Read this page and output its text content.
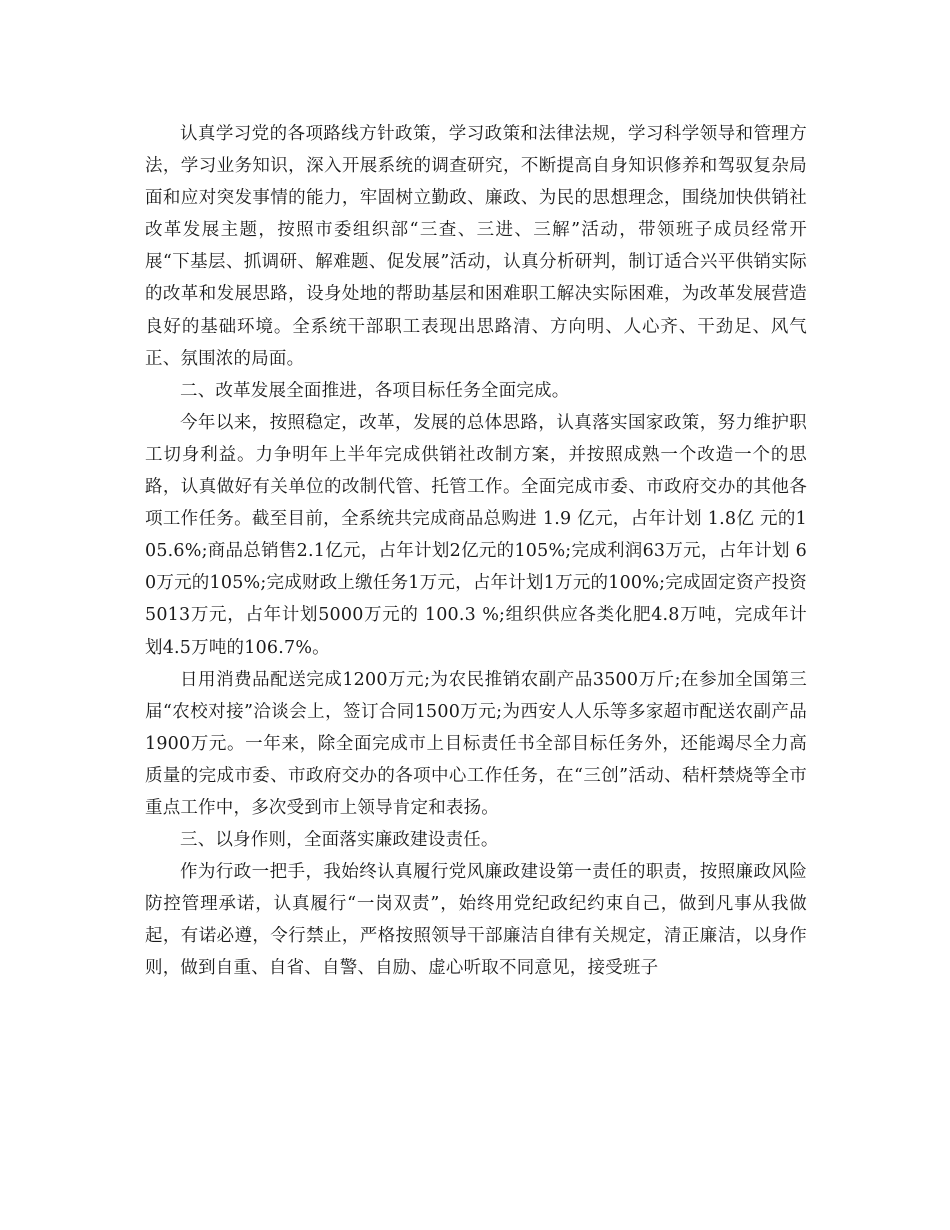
认真学习党的各项路线方针政策，学习政策和法律法规，学习科学领导和管理方法，学习业务知识，深入开展系统的调查研究，不断提高自身知识修养和驾驭复杂局面和应对突发事情的能力，牢固树立勤政、廉政、为民的思想理念，围绕加快供销社改革发展主题，按照市委组织部“三查、三进、三解”活动，带领班子成员经常开展“下基层、抓调研、解难题、促发展”活动，认真分析研判，制订适合兴平供销实际的改革和发展思路，设身处地的帮助基层和困难职工解决实际困难，为改革发展营造良好的基础环境。全系统干部职工表现出思路清、方向明、人心齐、干劲足、风气正、氛围浓的局面。

二、改革发展全面推进，各项目标任务全面完成。

今年以来，按照稳定，改革，发展的总体思路，认真落实国家政策，努力维护职工切身利益。力争明年上半年完成供销社改制方案，并按照成熟一个改造一个的思路，认真做好有关单位的改制代管、托管工作。全面完成市委、市政府交办的其他各项工作任务。截至目前，全系统共完成商品总购进 1.9 亿元，占年计划 1.8亿 元的105.6%;商品总销售2.1亿元，占年计划2亿元的105%;完成利润63万元，占年计划 60万元的105%;完成财政上缴任务1万元，占年计划1万元的100%;完成固定资产投资5013万元，占年计划5000万元的 100.3 %;组织供应各类化肥4.8万吨，完成年计划4.5万吨的106.7%。

日用消费品配送完成1200万元;为农民推销农副产品3500万斤;在参加全国第三届“农校对接”洽谈会上，签订合同1500万元;为西安人人乐等多家超市配送农副产品1900万元。一年来，除全面完成市上目标责任书全部目标任务外，还能竭尽全力高质量的完成市委、市政府交办的各项中心工作任务，在“三创”活动、秸杆禁烧等全市重点工作中，多次受到市上领导肯定和表扬。

三、以身作则，全面落实廉政建设责任。

作为行政一把手，我始终认真履行党风廉政建设第一责任的职责，按照廉政风险防控管理承诺，认真履行“一岗双责”，始终用党纪政纪约束自己，做到凡事从我做起，有诺必遵，令行禁止，严格按照领导干部廉洁自律有关规定，清正廉洁，以身作则，做到自重、自省、自警、自励、虚心听取不同意见，接受班子
